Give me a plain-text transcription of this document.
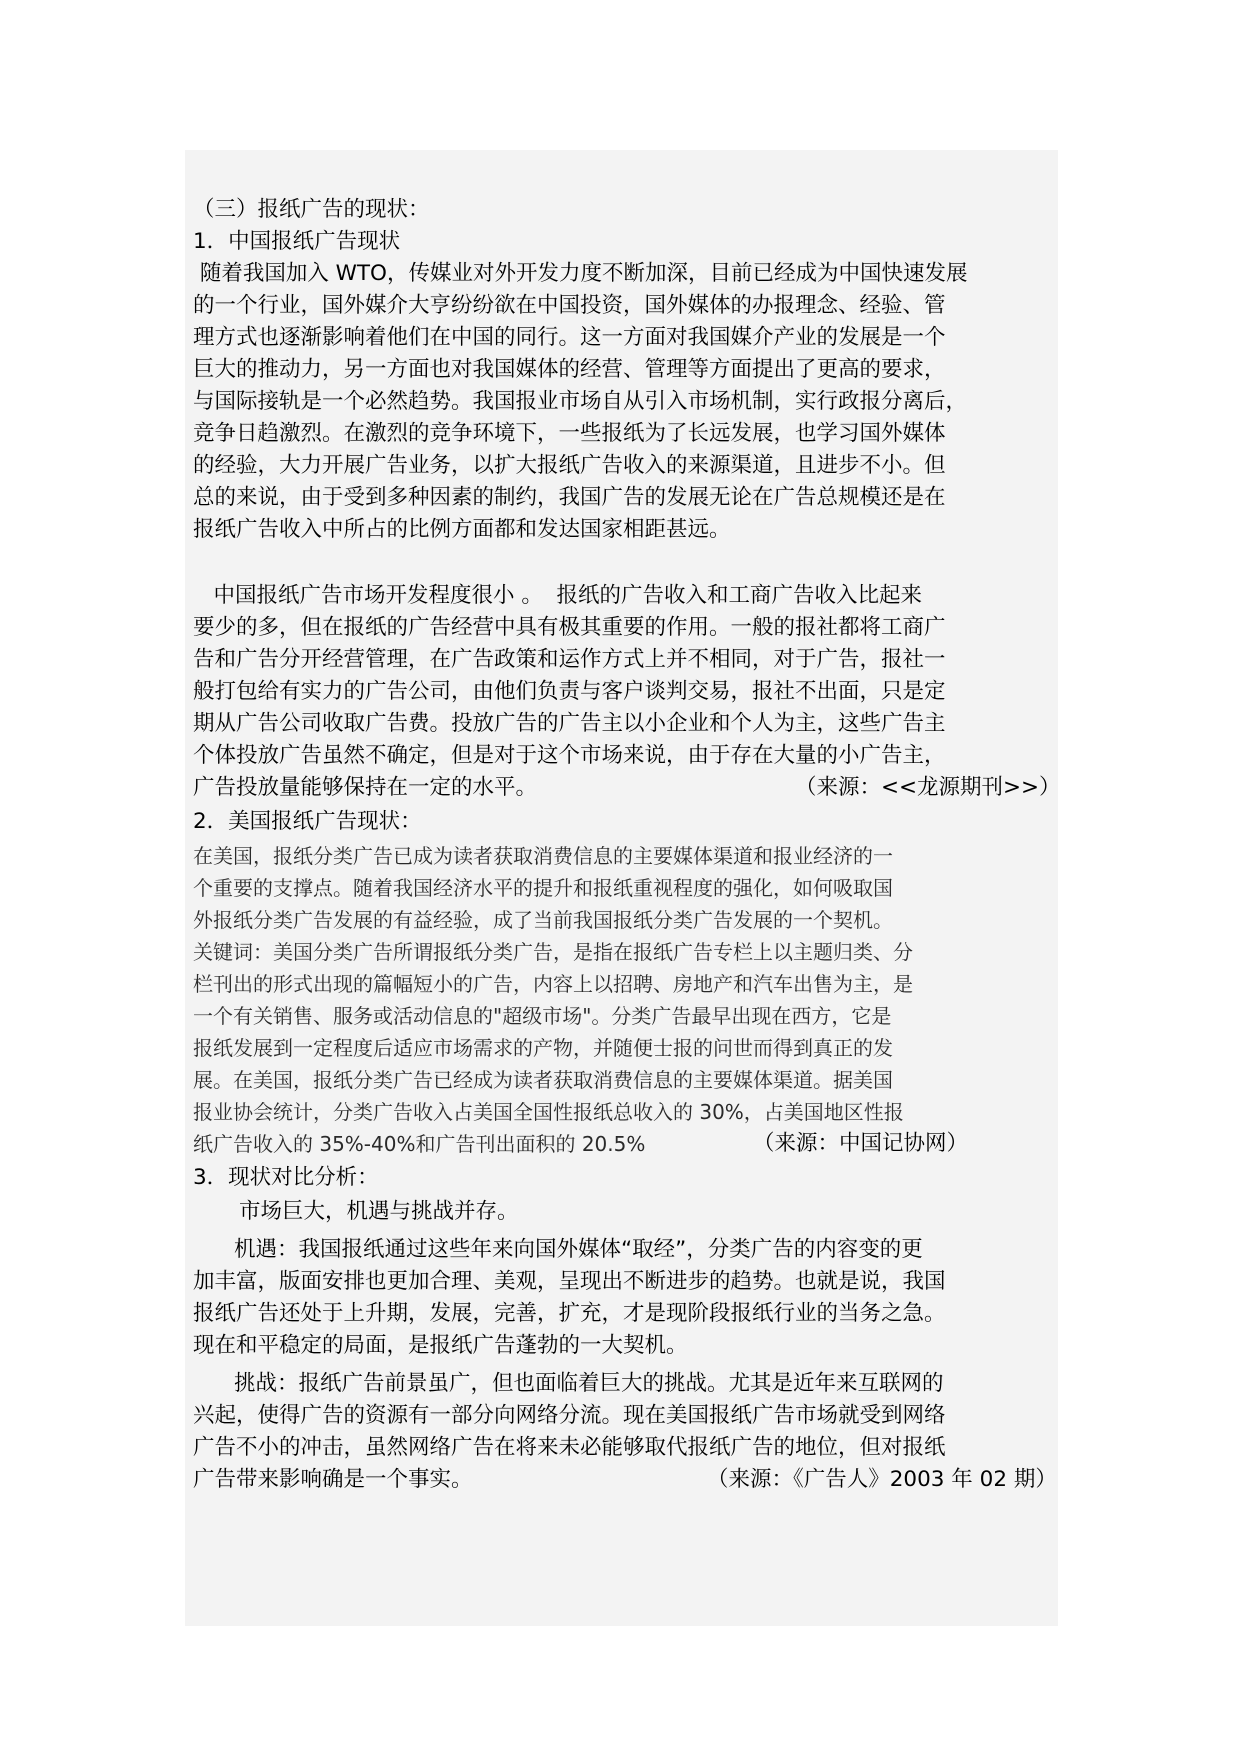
（三）报纸广告的现状：
1．中国报纸广告现状
随着我国加入 WTO，传媒业对外开发力度不断加深，目前已经成为中国快速发展
的一个行业，国外媒介大亨纷纷欲在中国投资，国外媒体的办报理念、经验、管
理方式也逐渐影响着他们在中国的同行。这一方面对我国媒介产业的发展是一个
巨大的推动力，另一方面也对我国媒体的经营、管理等方面提出了更高的要求，
与国际接轨是一个必然趋势。我国报业市场自从引入市场机制，实行政报分离后，
竞争日趋激烈。在激烈的竞争环境下，一些报纸为了长远发展，也学习国外媒体
的经验，大力开展广告业务，以扩大报纸广告收入的来源渠道，且进步不小。但
总的来说，由于受到多种因素的制约，我国广告的发展无论在广告总规模还是在
报纸广告收入中所占的比例方面都和发达国家相距甚远。
中国报纸广告市场开发程度很小 。  报纸的广告收入和工商广告收入比起来
要少的多，但在报纸的广告经营中具有极其重要的作用。一般的报社都将工商广
告和广告分开经营管理，在广告政策和运作方式上并不相同，对于广告，报社一
般打包给有实力的广告公司，由他们负责与客户谈判交易，报社不出面，只是定
期从广告公司收取广告费。投放广告的广告主以小企业和个人为主，这些广告主
个体投放广告虽然不确定，但是对于这个市场来说，由于存在大量的小广告主，
广告投放量能够保持在一定的水平。	（来源：<<龙源期刊>>）
2．美国报纸广告现状：
在美国，报纸分类广告已成为读者获取消费信息的主要媒体渠道和报业经济的一
个重要的支撑点。随着我国经济水平的提升和报纸重视程度的强化，如何吸取国
外报纸分类广告发展的有益经验，成了当前我国报纸分类广告发展的一个契机。
关键词：美国分类广告所谓报纸分类广告，是指在报纸广告专栏上以主题归类、分
栏刊出的形式出现的篇幅短小的广告，内容上以招聘、房地产和汽车出售为主，是
一个有关销售、服务或活动信息的"超级市场"。分类广告最早出现在西方，它是
报纸发展到一定程度后适应市场需求的产物，并随便士报的问世而得到真正的发
展。在美国，报纸分类广告已经成为读者获取消费信息的主要媒体渠道。据美国
报业协会统计，分类广告收入占美国全国性报纸总收入的 30%，占美国地区性报
纸广告收入的 35%-40%和广告刊出面积的 20.5%	（来源：中国记协网）
3．现状对比分析：
市场巨大，机遇与挑战并存。
机遇：我国报纸通过这些年来向国外媒体“取经”，分类广告的内容变的更
加丰富，版面安排也更加合理、美观，呈现出不断进步的趋势。也就是说，我国
报纸广告还处于上升期，发展，完善，扩充，才是现阶段报纸行业的当务之急。
现在和平稳定的局面，是报纸广告蓬勃的一大契机。
挑战：报纸广告前景虽广，但也面临着巨大的挑战。尤其是近年来互联网的
兴起，使得广告的资源有一部分向网络分流。现在美国报纸广告市场就受到网络
广告不小的冲击，虽然网络广告在将来未必能够取代报纸广告的地位，但对报纸
广告带来影响确是一个事实。	（来源：《广告人》2003 年 02 期）
